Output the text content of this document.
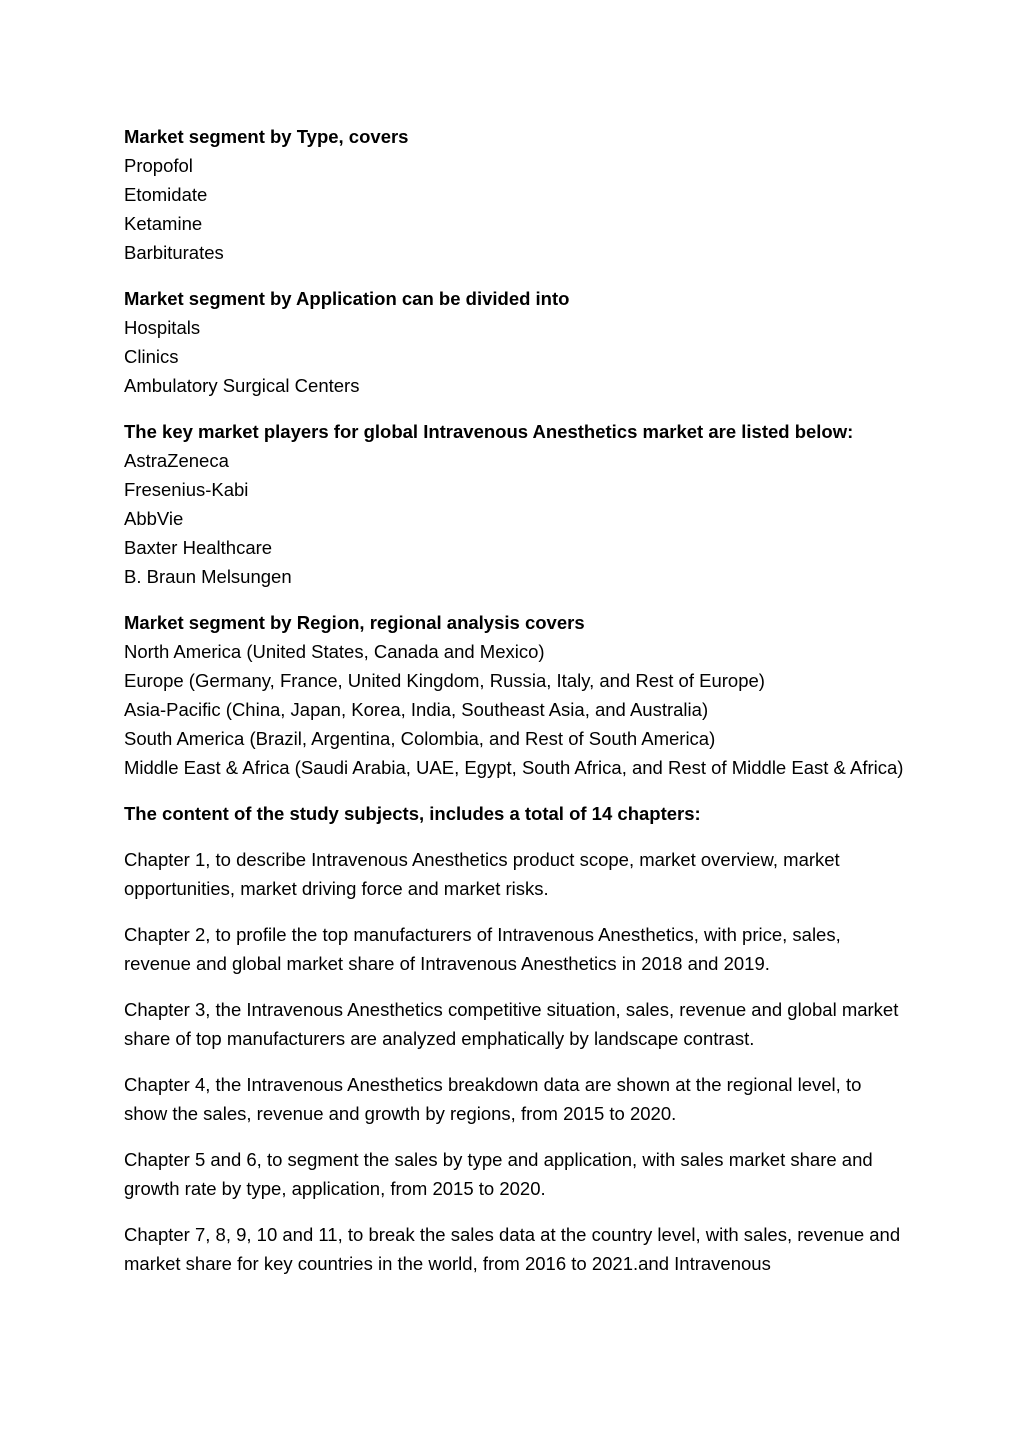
Market segment by Type, covers
Propofol
Etomidate
Ketamine
Barbiturates
Market segment by Application can be divided into
Hospitals
Clinics
Ambulatory Surgical Centers
The key market players for global Intravenous Anesthetics market are listed below:
AstraZeneca
Fresenius-Kabi
AbbVie
Baxter Healthcare
B. Braun Melsungen
Market segment by Region, regional analysis covers
North America (United States, Canada and Mexico)
Europe (Germany, France, United Kingdom, Russia, Italy, and Rest of Europe)
Asia-Pacific (China, Japan, Korea, India, Southeast Asia, and Australia)
South America (Brazil, Argentina, Colombia, and Rest of South America)
Middle East & Africa (Saudi Arabia, UAE, Egypt, South Africa, and Rest of Middle East & Africa)
The content of the study subjects, includes a total of 14 chapters:

Chapter 1, to describe Intravenous Anesthetics product scope, market overview, market opportunities, market driving force and market risks.

Chapter 2, to profile the top manufacturers of Intravenous Anesthetics, with price, sales, revenue and global market share of Intravenous Anesthetics in 2018 and 2019.

Chapter 3, the Intravenous Anesthetics competitive situation, sales, revenue and global market share of top manufacturers are analyzed emphatically by landscape contrast.

Chapter 4, the Intravenous Anesthetics breakdown data are shown at the regional level, to show the sales, revenue and growth by regions, from 2015 to 2020.

Chapter 5 and 6, to segment the sales by type and application, with sales market share and growth rate by type, application, from 2015 to 2020.

Chapter 7, 8, 9, 10 and 11, to break the sales data at the country level, with sales, revenue and market share for key countries in the world, from 2016 to 2021.and Intravenous
